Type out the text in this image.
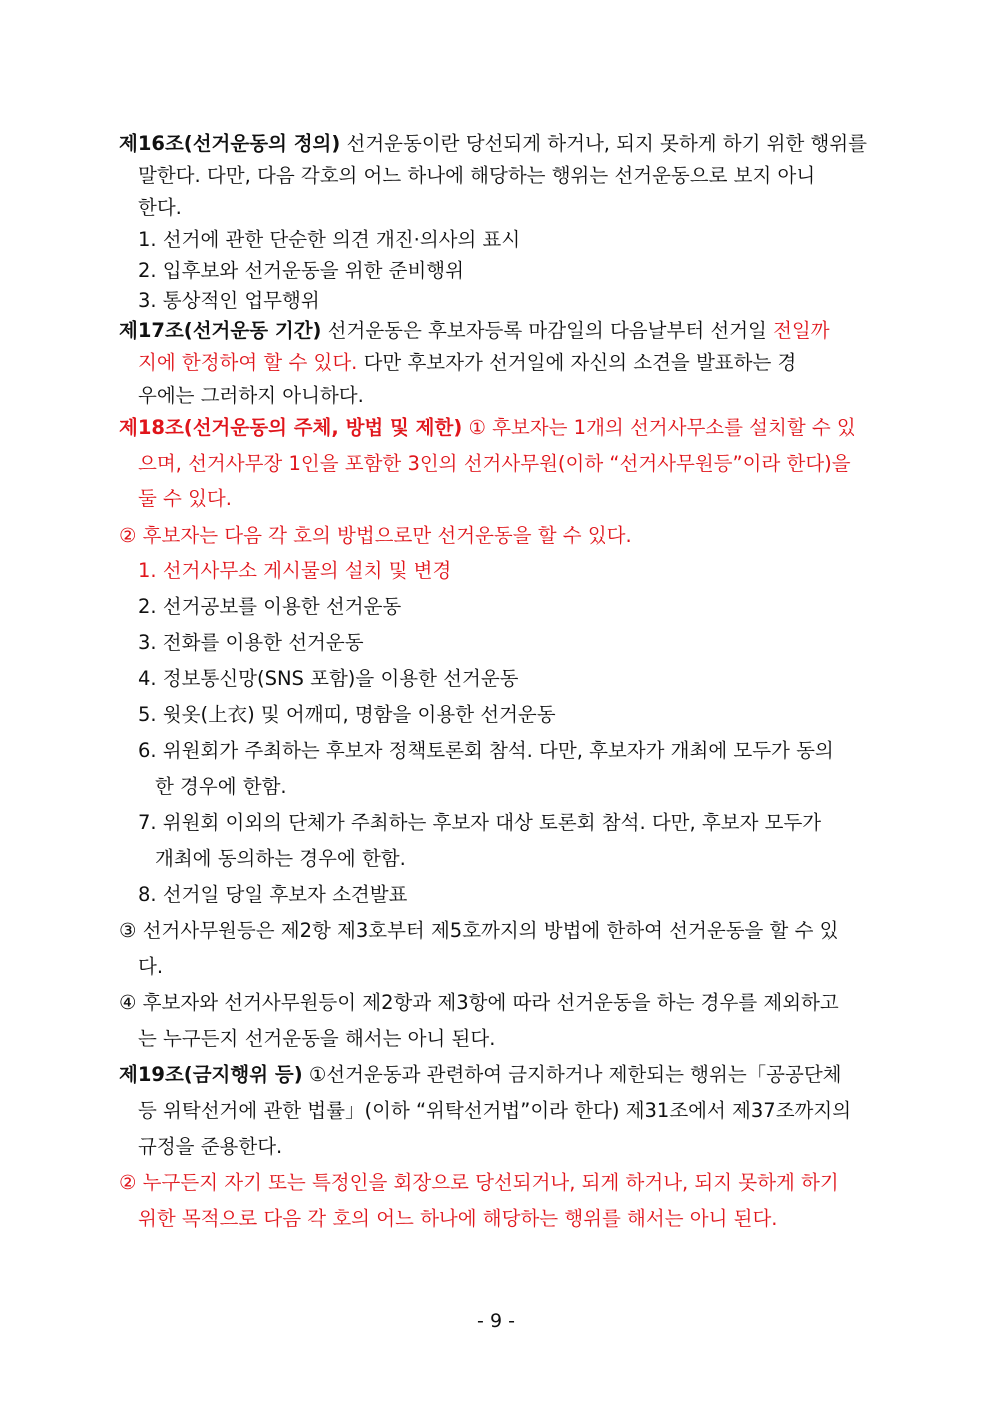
제16조(선거운동의 정의) 선거운동이란 당선되게 하거나, 되지 못하게 하기 위한 행위를
말한다. 다만, 다음 각호의 어느 하나에 해당하는 행위는 선거운동으로 보지 아니
한다.
1. 선거에 관한 단순한 의견 개진·의사의 표시
2. 입후보와 선거운동을 위한 준비행위
3. 통상적인 업무행위
제17조(선거운동 기간) 선거운동은 후보자등록 마감일의 다음날부터 선거일 전일까
지에 한정하여 할 수 있다. 다만 후보자가 선거일에 자신의 소견을 발표하는 경
우에는 그러하지 아니하다.
제18조(선거운동의 주체, 방법 및 제한) ① 후보자는 1개의 선거사무소를 설치할 수 있
으며, 선거사무장 1인을 포함한 3인의 선거사무원(이하 “선거사무원등”이라 한다)을
둘 수 있다.
② 후보자는 다음 각 호의 방법으로만 선거운동을 할 수 있다.
1. 선거사무소 게시물의 설치 및 변경
2. 선거공보를 이용한 선거운동
3. 전화를 이용한 선거운동
4. 정보통신망(SNS 포함)을 이용한 선거운동
5. 윗옷(上衣) 및 어깨띠, 명함을 이용한 선거운동
6. 위원회가 주최하는 후보자 정책토론회 참석. 다만, 후보자가 개최에 모두가 동의
한 경우에 한함.
7. 위원회 이외의 단체가 주최하는 후보자 대상 토론회 참석. 다만, 후보자 모두가
개최에 동의하는 경우에 한함.
8. 선거일 당일 후보자 소견발표
③ 선거사무원등은 제2항 제3호부터 제5호까지의 방법에 한하여 선거운동을 할 수 있
다.
④ 후보자와 선거사무원등이 제2항과 제3항에 따라 선거운동을 하는 경우를 제외하고
는 누구든지 선거운동을 해서는 아니 된다.
제19조(금지행위 등) ①선거운동과 관련하여 금지하거나 제한되는 행위는「공공단체
등 위탁선거에 관한 법률」(이하 “위탁선거법”이라 한다) 제31조에서 제37조까지의
규정을 준용한다.
② 누구든지 자기 또는 특정인을 회장으로 당선되거나, 되게 하거나, 되지 못하게 하기
위한 목적으로 다음 각 호의 어느 하나에 해당하는 행위를 해서는 아니 된다.
- 9 -
